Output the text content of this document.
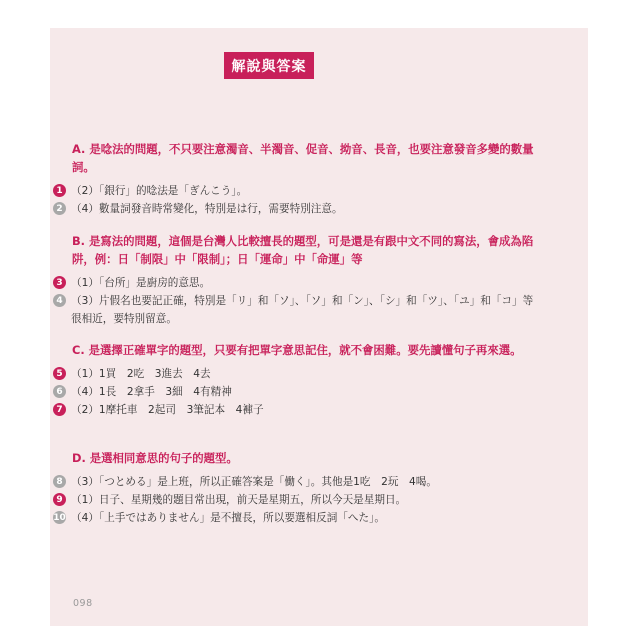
解說與答案
A. 是唸法的問題，不只要注意濁音、半濁音、促音、拗音、長音，也要注意發音多變的數量詞。
1 （2）「銀行」的唸法是「ぎんこう」。
2 （4）數量詞發音時常變化，特別是は行，需要特別注意。
B. 是寫法的問題，這個是台灣人比較擅長的題型，可是還是有跟中文不同的寫法，會成為陷阱，例：日「制限」中「限制」；日「運命」中「命運」等
3 （1）「台所」是廚房的意思。
4 （3）片假名也要記正確，特別是「リ」和「ソ」、「ソ」和「ン」、「シ」和「ツ」、「ユ」和「コ」等很相近，要特別留意。
C. 是選擇正確單字的題型，只要有把單字意思記住，就不會困難。要先讀懂句子再來選。
5 （1）1買　2吃　3進去　4去
6 （4）1長　2拿手　3細　4有精神
7 （2）1摩托車　2起司　3筆記本　4褲子
D. 是選相同意思的句子的題型。
8 （3）「つとめる」是上班，所以正確答案是「働く」。其他是1吃　2玩　4喝。
9 （1）日子、星期幾的題目常出現，前天是星期五，所以今天是星期日。
10 （4）「上手ではありません」是不擅長，所以要選相反詞「へた」。
098
